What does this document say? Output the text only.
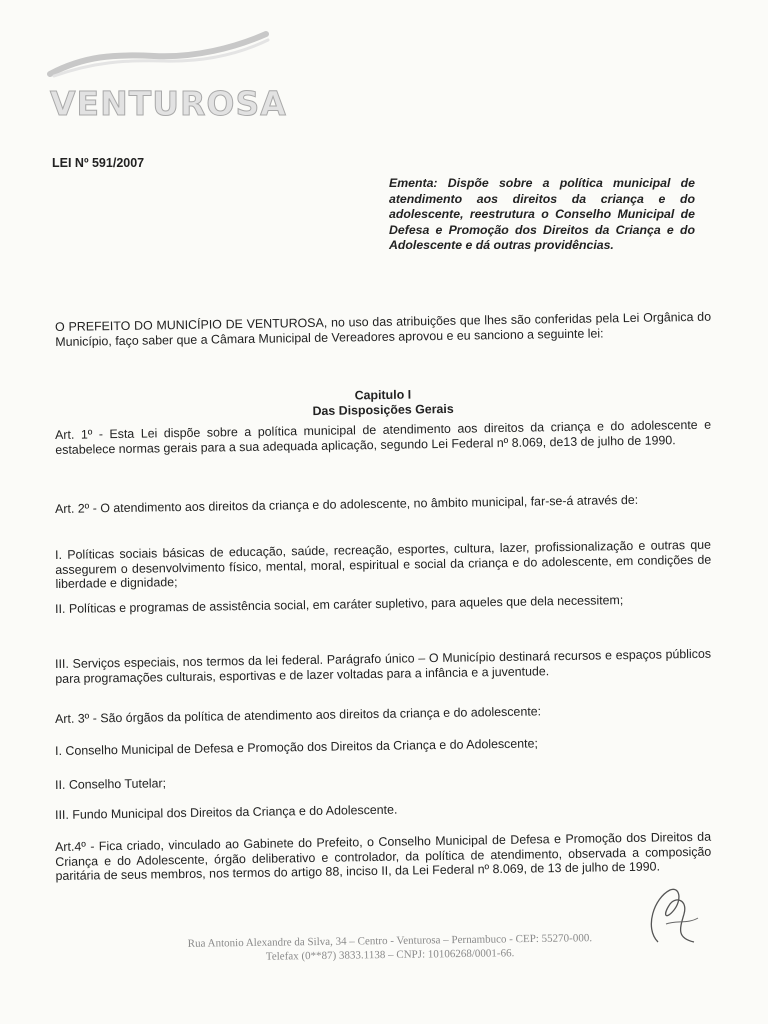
VENTUROSA
LEI Nº 591/2007
Ementa: Dispõe sobre a política municipal de atendimento aos direitos da criança e do adolescente, reestrutura o Conselho Municipal de Defesa e Promoção dos Direitos da Criança e do Adolescente e dá outras providências.

O PREFEITO DO MUNICÍPIO DE VENTUROSA, no uso das atribuições que lhes são conferidas pela Lei Orgânica do Município, faço saber que a Câmara Municipal de Vereadores aprovou e eu sanciono a seguinte lei:

Capitulo I
Das Disposições Gerais

Art. 1º - Esta Lei dispõe sobre a política municipal de atendimento aos direitos da criança e do adolescente e estabelece normas gerais para a sua adequada aplicação, segundo Lei Federal nº 8.069, de13 de julho de 1990.

Art. 2º - O atendimento aos direitos da criança e do adolescente, no âmbito municipal, far-se-á através de:

I. Políticas sociais básicas de educação, saúde, recreação, esportes, cultura, lazer, profissionalização e outras que assegurem o desenvolvimento físico, mental, moral, espiritual e social da criança e do adolescente, em condições de liberdade e dignidade;

II. Políticas e programas de assistência social, em caráter supletivo, para aqueles que dela necessitem;

III. Serviços especiais, nos termos da lei federal. Parágrafo único – O Município destinará recursos e espaços públicos para programações culturais, esportivas e de lazer voltadas para a infância e a juventude.

Art. 3º - São órgãos da política de atendimento aos direitos da criança e do adolescente:

I. Conselho Municipal de Defesa e Promoção dos Direitos da Criança e do Adolescente;

II. Conselho Tutelar;

III. Fundo Municipal dos Direitos da Criança e do Adolescente.

Art.4º - Fica criado, vinculado ao Gabinete do Prefeito, o Conselho Municipal de Defesa e Promoção dos Direitos da Criança e do Adolescente, órgão deliberativo e controlador, da política de atendimento, observada a composição paritária de seus membros, nos termos do artigo 88, inciso II, da Lei Federal nº 8.069, de 13 de julho de 1990.

Rua Antonio Alexandre da Silva, 34 – Centro - Venturosa – Pernambuco - CEP: 55270-000.
Telefax (0**87) 3833.1138 – CNPJ: 10106268/0001-66.
